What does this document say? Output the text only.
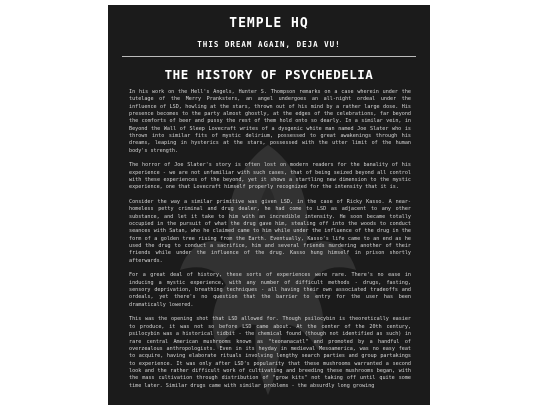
TEMPLE HQ
THIS DREAM AGAIN, DEJA VU!
THE HISTORY OF PSYCHEDELIA

In his work on the Hell's Angels, Hunter S. Thompson remarks on a case wherein under the tutelage of the Merry Pranksters, an angel undergoes an all-night ordeal under the influence of LSD, howling at the stars, thrown out of his mind by a rather large dose. His presence becomes to the party almost ghostly, at the edges of the celebrations, far beyond the comforts of beer and pussy the rest of them hold onto so dearly. In a similar vein, in Beyond the Wall of Sleep Lovecraft writes of a dysgenic white man named Joe Slater who is thrown into similar fits of mystic delirium, possessed to great awakenings through his dreams, leaping in hysterics at the stars, possessed with the utter limit of the human body's strength.

The horror of Joe Slater's story is often lost on modern readers for the banality of his experience - we are not unfamiliar with such cases, that of being seized beyond all control with these experiences of the beyond, yet it shows a startling new dimension to the mystic experience, one that Lovecraft himself properly recognized for the intensity that it is.

Consider the way a similar primitive was given LSD, in the case of Ricky Kasso. A near-homeless petty criminal and drug dealer, he had come to LSD as adjacent to any other substance, and let it take to him with an incredible intensity. He soon became totally occupied in the pursuit of what the drug gave him, stealing off into the woods to conduct seances with Satan, who he claimed came to him while under the influence of the drug in the form of a golden tree rising from the Earth. Eventually, Kasso's life came to an end as he used the drug to conduct a sacrifice, him and several friends murdering another of their friends while under the influence of the drug. Kasso hung himself in prison shortly afterwards.

For a great deal of history, these sorts of experiences were rare. There's no ease in inducing a mystic experience, with any number of difficult methods - drugs, fasting, sensory deprivation, breathing techniques - all having their own associated tradeoffs and ordeals, yet there's no question that the barrier to entry for the user has been dramatically lowered.

This was the opening shot that LSD allowed for. Though psilocybin is theoretically easier to produce, it was not so before LSD came about. At the center of the 20th century, psilocybin was a historical tidbit - the chemical found (though not identified as such) in rare central American mushrooms known as "teonanacatl" and promoted by a handful of overzealous anthropologists. Even in its heyday in medieval Mesoamerica, was no easy feat to acquire, having elaborate rituals involving lengthy search parties and group partakings to experience. It was only after LSD's popularity that these mushrooms warranted a second look and the rather difficult work of cultivating and breeding these mushrooms began, with the mass cultivation through distribution of "grow kits" not taking off until quite some time later. Similar drugs came with similar problems - the absurdly long growing
